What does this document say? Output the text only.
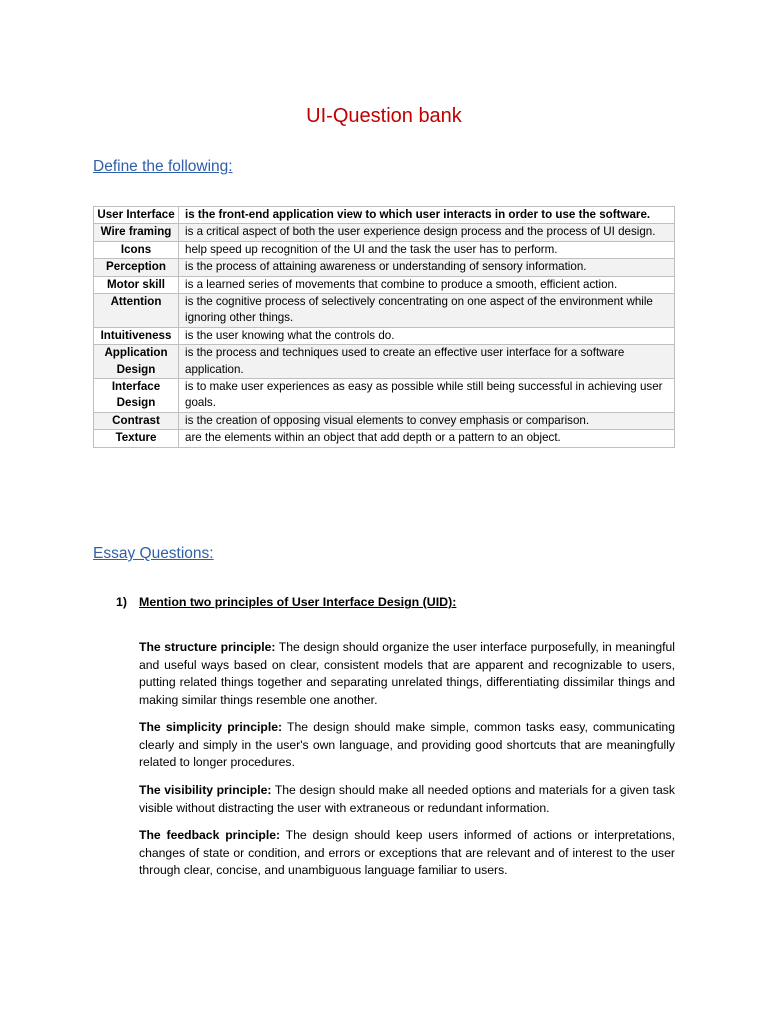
UI-Question bank
Define the following:
User Interface	is the front-end application view to which user interacts in order to use the software.
Wire framing	is a critical aspect of both the user experience design process and the process of UI design.
Icons	help speed up recognition of the UI and the task the user has to perform.
Perception	is the process of attaining awareness or understanding of sensory information.
Motor skill	is a learned series of movements that combine to produce a smooth, efficient action.
Attention	is the cognitive process of selectively concentrating on one aspect of the environment while ignoring other things.
Intuitiveness	is the user knowing what the controls do.
Application Design	is the process and techniques used to create an effective user interface for a software application.
Interface Design	is to make user experiences as easy as possible while still being successful in achieving user goals.
Contrast	is the creation of opposing visual elements to convey emphasis or comparison.
Texture	are the elements within an object that add depth or a pattern to an object.
Essay Questions:
1) Mention two principles of User Interface Design (UID):

The structure principle: The design should organize the user interface purposefully, in meaningful and useful ways based on clear, consistent models that are apparent and recognizable to users, putting related things together and separating unrelated things, differentiating dissimilar things and making similar things resemble one another.

The simplicity principle: The design should make simple, common tasks easy, communicating clearly and simply in the user's own language, and providing good shortcuts that are meaningfully related to longer procedures.

The visibility principle: The design should make all needed options and materials for a given task visible without distracting the user with extraneous or redundant information.

The feedback principle: The design should keep users informed of actions or interpretations, changes of state or condition, and errors or exceptions that are relevant and of interest to the user through clear, concise, and unambiguous language familiar to users.
